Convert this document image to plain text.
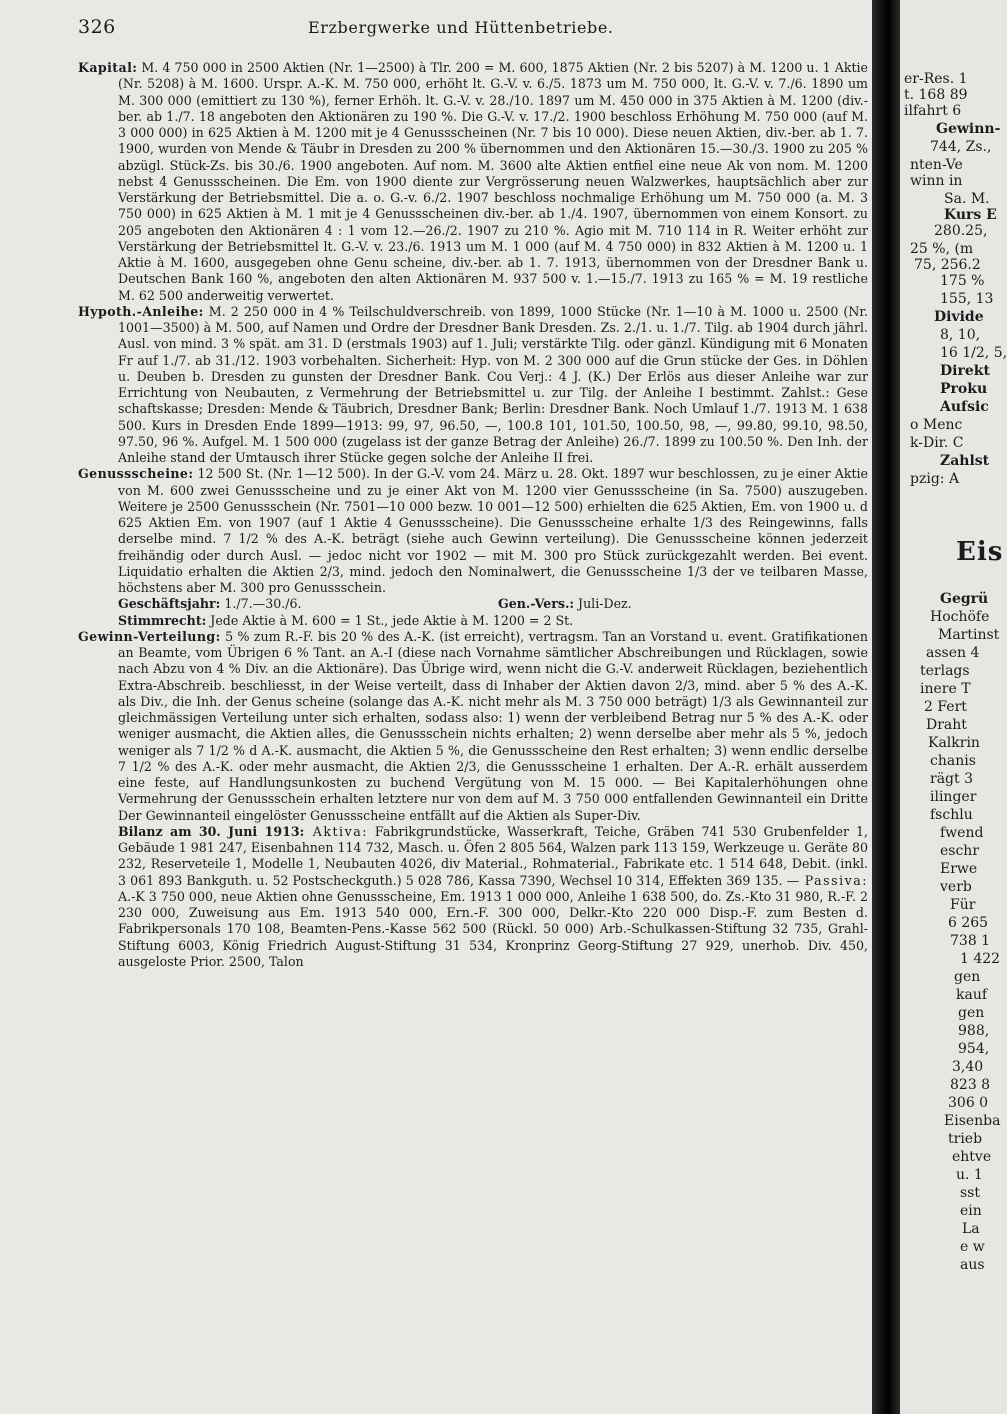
326	Erzbergwerke und Hüttenbetriebe.

Kapital: M. 4 750 000 in 2500 Aktien (Nr. 1—2500) à Tlr. 200 = M. 600, 1875 Aktien (Nr. 2 bis 5207) à M. 1200 u. 1 Aktie (Nr. 5208) à M. 1600. Urspr. A.-K. M. 750 000, erhöht lt. G.-V. v. 6./5. 1873 um M. 750 000, lt. G.-V. v. 7./6. 1890 um M. 300 000 (emittiert zu 130 %), ferner Erhöh. lt. G.-V. v. 28./10. 1897 um M. 450 000 in 375 Aktien à M. 1200 (div.-ber. ab 1./7. 18 angeboten den Aktionären zu 190 %. Die G.-V. v. 17./2. 1900 beschloss Erhöhung M. 750 000 (auf M. 3 000 000) in 625 Aktien à M. 1200 mit je 4 Genussscheinen (Nr. 7 bis 10 000). Diese neuen Aktien, div.-ber. ab 1. 7. 1900, wurden von Mende & Täubr in Dresden zu 200 % übernommen und den Aktionären 15.—30./3. 1900 zu 205 % abzügl. Stück-Zs. bis 30./6. 1900 angeboten. Auf nom. M. 3600 alte Aktien entfiel eine neue Ak von nom. M. 1200 nebst 4 Genussscheinen. Die Em. von 1900 diente zur Vergrösserung neuen Walzwerkes, hauptsächlich aber zur Verstärkung der Betriebsmittel. Die a. o. G.-v. 6./2. 1907 beschloss nochmalige Erhöhung um M. 750 000 (a. M. 3 750 000) in 625 Aktien à M. 1 mit je 4 Genussscheinen div.-ber. ab 1./4. 1907, übernommen von einem Konsort. zu 205 angeboten den Aktionären 4 : 1 vom 12.—26./2. 1907 zu 210 %. Agio mit M. 710 114 in R. Weiter erhöht zur Verstärkung der Betriebsmittel lt. G.-V. v. 23./6. 1913 um M. 1 000 (auf M. 4 750 000) in 832 Aktien à M. 1200 u. 1 Aktie à M. 1600, ausgegeben ohne Genu scheine, div.-ber. ab 1. 7. 1913, übernommen von der Dresdner Bank u. Deutschen Bank 160 %, angeboten den alten Aktionären M. 937 500 v. 1.—15./7. 1913 zu 165 % = M. 19 restliche M. 62 500 anderweitig verwertet.

Hypoth.-Anleihe: M. 2 250 000 in 4 % Teilschuldverschreib. von 1899, 1000 Stücke (Nr. 1—10 à M. 1000 u. 2500 (Nr. 1001—3500) à M. 500, auf Namen und Ordre der Dresdner Bank Dresden. Zs. 2./1. u. 1./7. Tilg. ab 1904 durch jährl. Ausl. von mind. 3 % spät. am 31. D (erstmals 1903) auf 1. Juli; verstärkte Tilg. oder gänzl. Kündigung mit 6 Monaten Fr auf 1./7. ab 31./12. 1903 vorbehalten. Sicherheit: Hyp. von M. 2 300 000 auf die Grun stücke der Ges. in Döhlen u. Deuben b. Dresden zu gunsten der Dresdner Bank. Cou Verj.: 4 J. (K.) Der Erlös aus dieser Anleihe war zur Errichtung von Neubauten, z Vermehrung der Betriebsmittel u. zur Tilg. der Anleihe I bestimmt. Zahlst.: Gese schaftskasse; Dresden: Mende & Täubrich, Dresdner Bank; Berlin: Dresdner Bank. Noch Umlauf 1./7. 1913 M. 1 638 500. Kurs in Dresden Ende 1899—1913: 99, 97, 96.50, —, 100.8 101, 101.50, 100.50, 98, —, 99.80, 99.10, 98.50, 97.50, 96 %. Aufgel. M. 1 500 000 (zugelass ist der ganze Betrag der Anleihe) 26./7. 1899 zu 100.50 %. Den Inh. der Anleihe stand der Umtausch ihrer Stücke gegen solche der Anleihe II frei.

Genussscheine: 12 500 St. (Nr. 1—12 500). In der G.-V. vom 24. März u. 28. Okt. 1897 wur beschlossen, zu je einer Aktie von M. 600 zwei Genussscheine und zu je einer Akt von M. 1200 vier Genussscheine (in Sa. 7500) auszugeben. Weitere je 2500 Genussschein (Nr. 7501—10 000 bezw. 10 001—12 500) erhielten die 625 Aktien, Em. von 1900 u. d 625 Aktien Em. von 1907 (auf 1 Aktie 4 Genussscheine). Die Genussscheine erhalte 1/3 des Reingewinns, falls derselbe mind. 7 1/2 % des A.-K. beträgt (siehe auch Gewinn verteilung). Die Genussscheine können jederzeit freihändig oder durch Ausl. — jedoc nicht vor 1902 — mit M. 300 pro Stück zurückgezahlt werden. Bei event. Liquidatio erhalten die Aktien 2/3, mind. jedoch den Nominalwert, die Genussscheine 1/3 der ve teilbaren Masse, höchstens aber M. 300 pro Genussschein.

Geschäftsjahr: 1./7.—30./6.	Gen.-Vers.: Juli-Dez.

Stimmrecht: Jede Aktie à M. 600 = 1 St., jede Aktie à M. 1200 = 2 St.

Gewinn-Verteilung: 5 % zum R.-F. bis 20 % des A.-K. (ist erreicht), vertragsm. Tan an Vorstand u. event. Gratifikationen an Beamte, vom Übrigen 6 % Tant. an A.-I (diese nach Vornahme sämtlicher Abschreibungen und Rücklagen, sowie nach Abzu von 4 % Div. an die Aktionäre). Das Übrige wird, wenn nicht die G.-V. anderweit Rücklagen, beziehentlich Extra-Abschreib. beschliesst, in der Weise verteilt, dass di Inhaber der Aktien davon 2/3, mind. aber 5 % des A.-K. als Div., die Inh. der Genus scheine (solange das A.-K. nicht mehr als M. 3 750 000 beträgt) 1/3 als Gewinnanteil zur gleichmässigen Verteilung unter sich erhalten, sodass also: 1) wenn der verbleibend Betrag nur 5 % des A.-K. oder weniger ausmacht, die Aktien alles, die Genussschein nichts erhalten; 2) wenn derselbe aber mehr als 5 %, jedoch weniger als 7 1/2 % d A.-K. ausmacht, die Aktien 5 %, die Genussscheine den Rest erhalten; 3) wenn endlic derselbe 7 1/2 % des A.-K. oder mehr ausmacht, die Aktien 2/3, die Genussscheine 1 erhalten. Der A.-R. erhält ausserdem eine feste, auf Handlungsunkosten zu buchend Vergütung von M. 15 000. — Bei Kapitalerhöhungen ohne Vermehrung der Genussschein erhalten letztere nur von dem auf M. 3 750 000 entfallenden Gewinnanteil ein Dritte Der Gewinnanteil eingelöster Genussscheine entfällt auf die Aktien als Super-Div.

Bilanz am 30. Juni 1913: Aktiva: Fabrikgrundstücke, Wasserkraft, Teiche, Gräben 741 530 Grubenfelder 1, Gebäude 1 981 247, Eisenbahnen 114 732, Masch. u. Öfen 2 805 564, Walzen park 113 159, Werkzeuge u. Geräte 80 232, Reserveteile 1, Modelle 1, Neubauten 4026, div Material., Rohmaterial., Fabrikate etc. 1 514 648, Debit. (inkl. 3 061 893 Bankguth. u. 52 Postscheckguth.) 5 028 786, Kassa 7390, Wechsel 10 314, Effekten 369 135. — Passiva: A.-K 3 750 000, neue Aktien ohne Genussscheine, Em. 1913 1 000 000, Anleihe 1 638 500, do. Zs.-Kto 31 980, R.-F. 2 230 000, Zuweisung aus Em. 1913 540 000, Ern.-F. 300 000, Delkr.-Kto 220 000 Disp.-F. zum Besten d. Fabrikpersonals 170 108, Beamten-Pens.-Kasse 562 500 (Rückl. 50 000) Arb.-Schulkassen-Stiftung 32 735, Grahl-Stiftung 6003, König Friedrich August-Stiftung 31 534, Kronprinz Georg-Stiftung 27 929, unerhob. Div. 450, ausgeloste Prior. 2500, Talon

er-Res. 1
t. 168 89
ilfahrt 6
Gewinn-
744, Zs.,
nten-Ve
winn in
Sa. M.
Kurs E
280.25,
25 %, (m
75, 256.2
175 %
155, 13
Divide
8, 10,
16 1/2, 5,
Direkt
Proku
Aufsic
o Menc
k-Dir. C
Zahlst
pzig: A
Gegrü
Hochöfe
Martinst
assen 4
terlags
inere T
2 Fert
Draht
Kalkrin
chanis
rägt 3
ilinger
fschlu
fwend
eschr
Erwe
verb
Für
6 265
738 1
1 422
gen
kauf
gen
988,
954,
3,40
823 8
306 0
Eisenba
trieb
ehtve
u. 1
sst
ein
La
e w
aus
Eis
